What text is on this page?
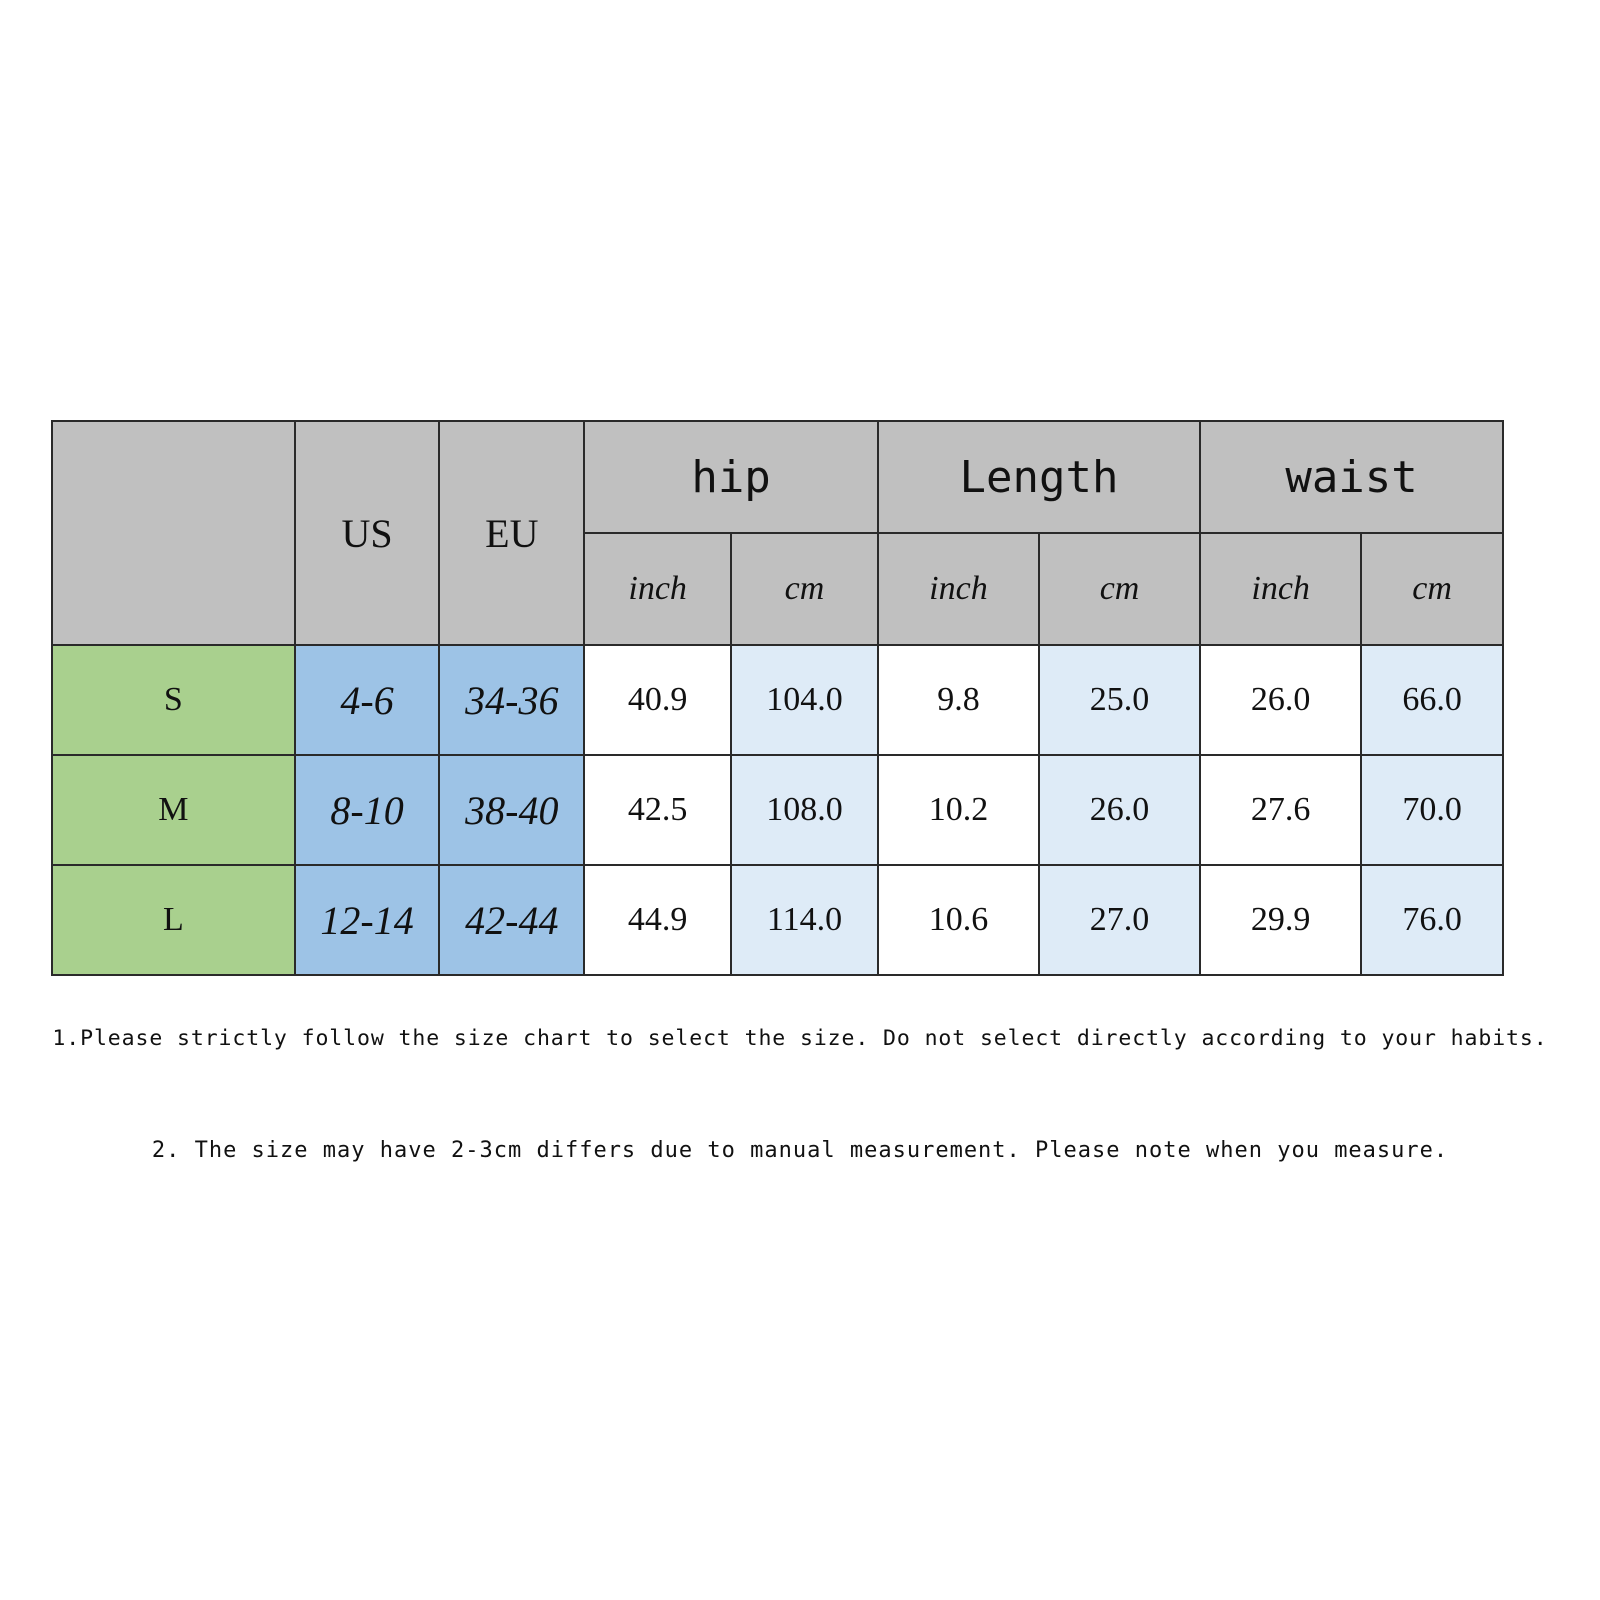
	US	EU	hip		Length		waist	
			inch	cm	inch	cm	inch	cm
S	4-6	34-36	40.9	104.0	9.8	25.0	26.0	66.0
M	8-10	38-40	42.5	108.0	10.2	26.0	27.6	70.0
L	12-14	42-44	44.9	114.0	10.6	27.0	29.9	76.0

1.Please strictly follow the size chart to select the size. Do not select directly according to your habits.

2. The size may have 2-3cm differs due to manual measurement. Please note when you measure.
